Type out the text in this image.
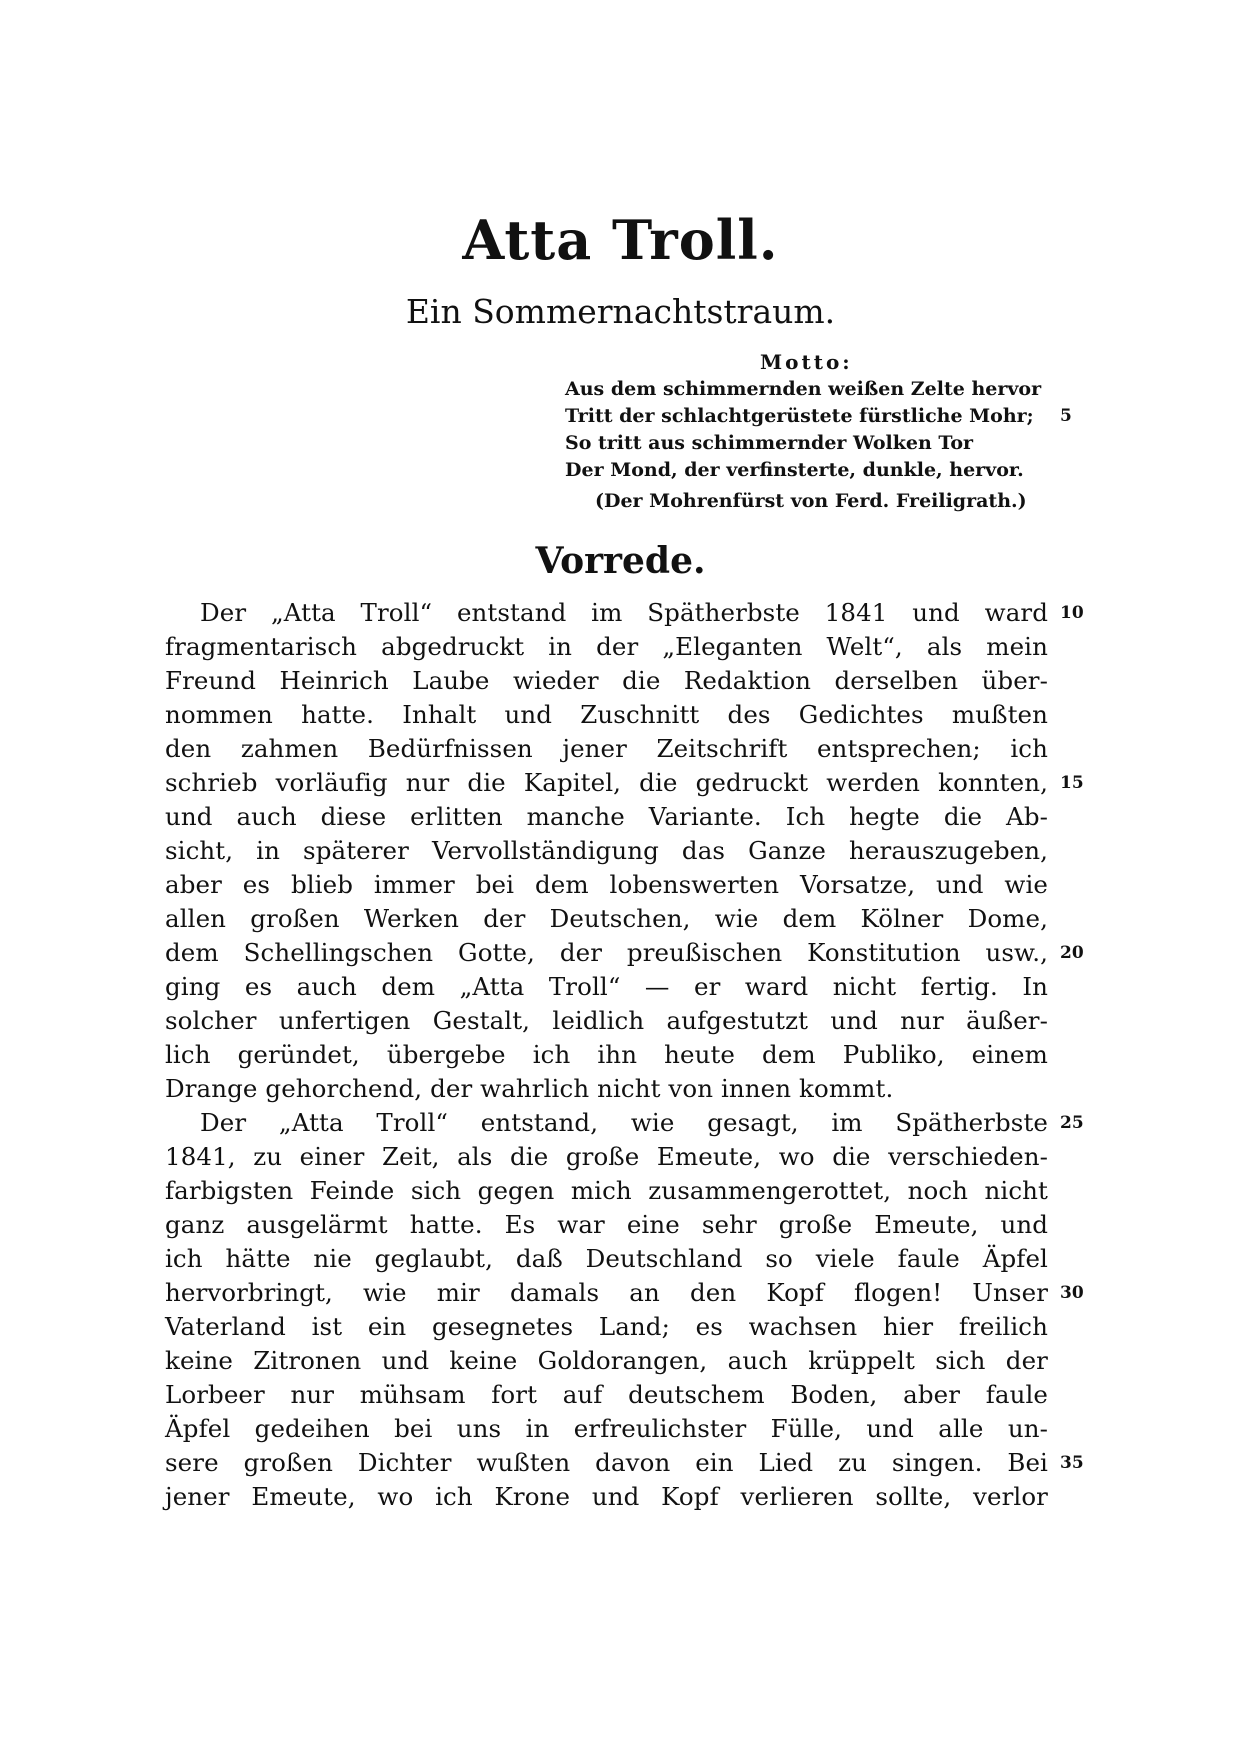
Atta Troll.
Ein Sommernachtstraum.
Motto:
Aus dem schimmernden weißen Zelte hervor
Tritt der schlachtgerüstete fürstliche Mohr;
So tritt aus schimmernder Wolken Tor
Der Mond, der verfinsterte, dunkle, hervor.
(Der Mohrenfürst von Ferd. Freiligrath.)
Vorrede.
Der „Atta Troll“ entstand im Spätherbste 1841 und ward
fragmentarisch abgedruckt in der „Eleganten Welt“, als mein
Freund Heinrich Laube wieder die Redaktion derselben über-
nommen hatte. Inhalt und Zuschnitt des Gedichtes mußten
den zahmen Bedürfnissen jener Zeitschrift entsprechen; ich
schrieb vorläufig nur die Kapitel, die gedruckt werden konnten,
und auch diese erlitten manche Variante. Ich hegte die Ab-
sicht, in späterer Vervollständigung das Ganze herauszugeben,
aber es blieb immer bei dem lobenswerten Vorsatze, und wie
allen großen Werken der Deutschen, wie dem Kölner Dome,
dem Schellingschen Gotte, der preußischen Konstitution usw.,
ging es auch dem „Atta Troll“ — er ward nicht fertig. In
solcher unfertigen Gestalt, leidlich aufgestutzt und nur äußer-
lich geründet, übergebe ich ihn heute dem Publiko, einem
Drange gehorchend, der wahrlich nicht von innen kommt.
Der „Atta Troll“ entstand, wie gesagt, im Spätherbste
1841, zu einer Zeit, als die große Emeute, wo die verschieden-
farbigsten Feinde sich gegen mich zusammengerottet, noch nicht
ganz ausgelärmt hatte. Es war eine sehr große Emeute, und
ich hätte nie geglaubt, daß Deutschland so viele faule Äpfel
hervorbringt, wie mir damals an den Kopf flogen! Unser
Vaterland ist ein gesegnetes Land; es wachsen hier freilich
keine Zitronen und keine Goldorangen, auch krüppelt sich der
Lorbeer nur mühsam fort auf deutschem Boden, aber faule
Äpfel gedeihen bei uns in erfreulichster Fülle, und alle un-
sere großen Dichter wußten davon ein Lied zu singen. Bei
jener Emeute, wo ich Krone und Kopf verlieren sollte, verlor
5
10
15
20
25
30
35
